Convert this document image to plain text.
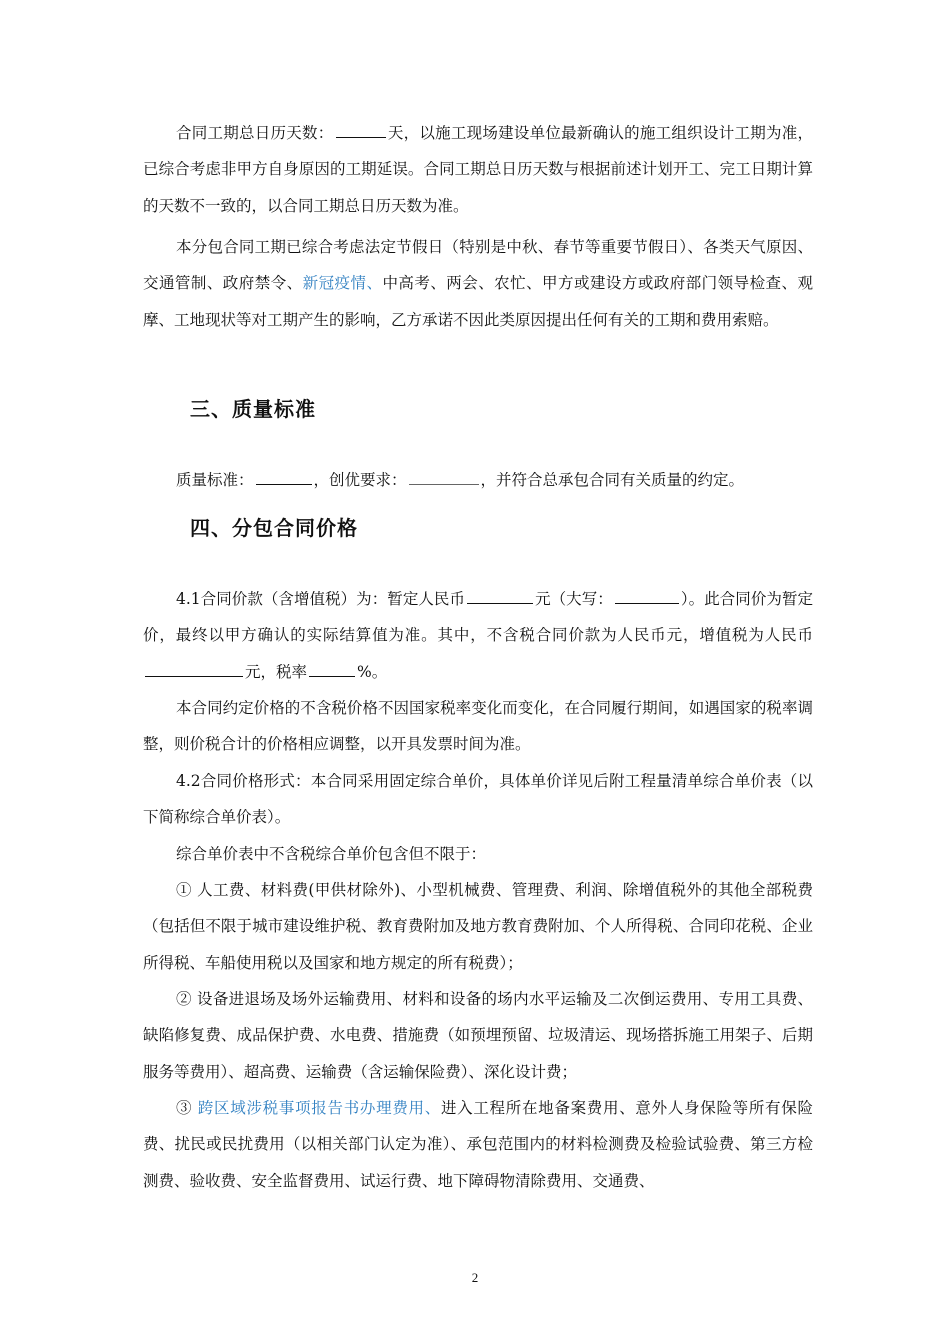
合同工期总日历天数：	天，以施工现场建设单位最新确认的施工组织设计工期为准，已综合考虑非甲方自身原因的工期延误。合同工期总日历天数与根据前述计划开工、完工日期计算的天数不一致的，以合同工期总日历天数为准。

本分包合同工期已综合考虑法定节假日（特别是中秋、春节等重要节假日）、各类天气原因、交通管制、政府禁令、新冠疫情、中高考、两会、农忙、甲方或建设方或政府部门领导检查、观摩、工地现状等对工期产生的影响，乙方承诺不因此类原因提出任何有关的工期和费用索赔。

三、质量标准

质量标准：	，创优要求：	，并符合总承包合同有关质量的约定。

四、分包合同价格

4.1合同价款（含增值税）为：暂定人民币	元（大写：	）。此合同价为暂定价，最终以甲方确认的实际结算值为准。其中，不含税合同价款为人民币元，增值税为人民币元，税率	%。

本合同约定价格的不含税价格不因国家税率变化而变化，在合同履行期间，如遇国家的税率调整，则价税合计的价格相应调整，以开具发票时间为准。

4.2合同价格形式：本合同采用固定综合单价，具体单价详见后附工程量清单综合单价表（以下简称综合单价表）。

综合单价表中不含税综合单价包含但不限于：

① 人工费、材料费(甲供材除外)、小型机械费、管理费、利润、除增值税外的其他全部税费（包括但不限于城市建设维护税、教育费附加及地方教育费附加、个人所得税、合同印花税、企业所得税、车船使用税以及国家和地方规定的所有税费）；

② 设备进退场及场外运输费用、材料和设备的场内水平运输及二次倒运费用、专用工具费、缺陷修复费、成品保护费、水电费、措施费（如预埋预留、垃圾清运、现场搭拆施工用架子、后期服务等费用）、超高费、运输费（含运输保险费）、深化设计费；

③ 跨区域涉税事项报告书办理费用、进入工程所在地备案费用、意外人身保险等所有保险费、扰民或民扰费用（以相关部门认定为准）、承包范围内的材料检测费及检验试验费、第三方检测费、验收费、安全监督费用、试运行费、地下障碍物清除费用、交通费、

2
